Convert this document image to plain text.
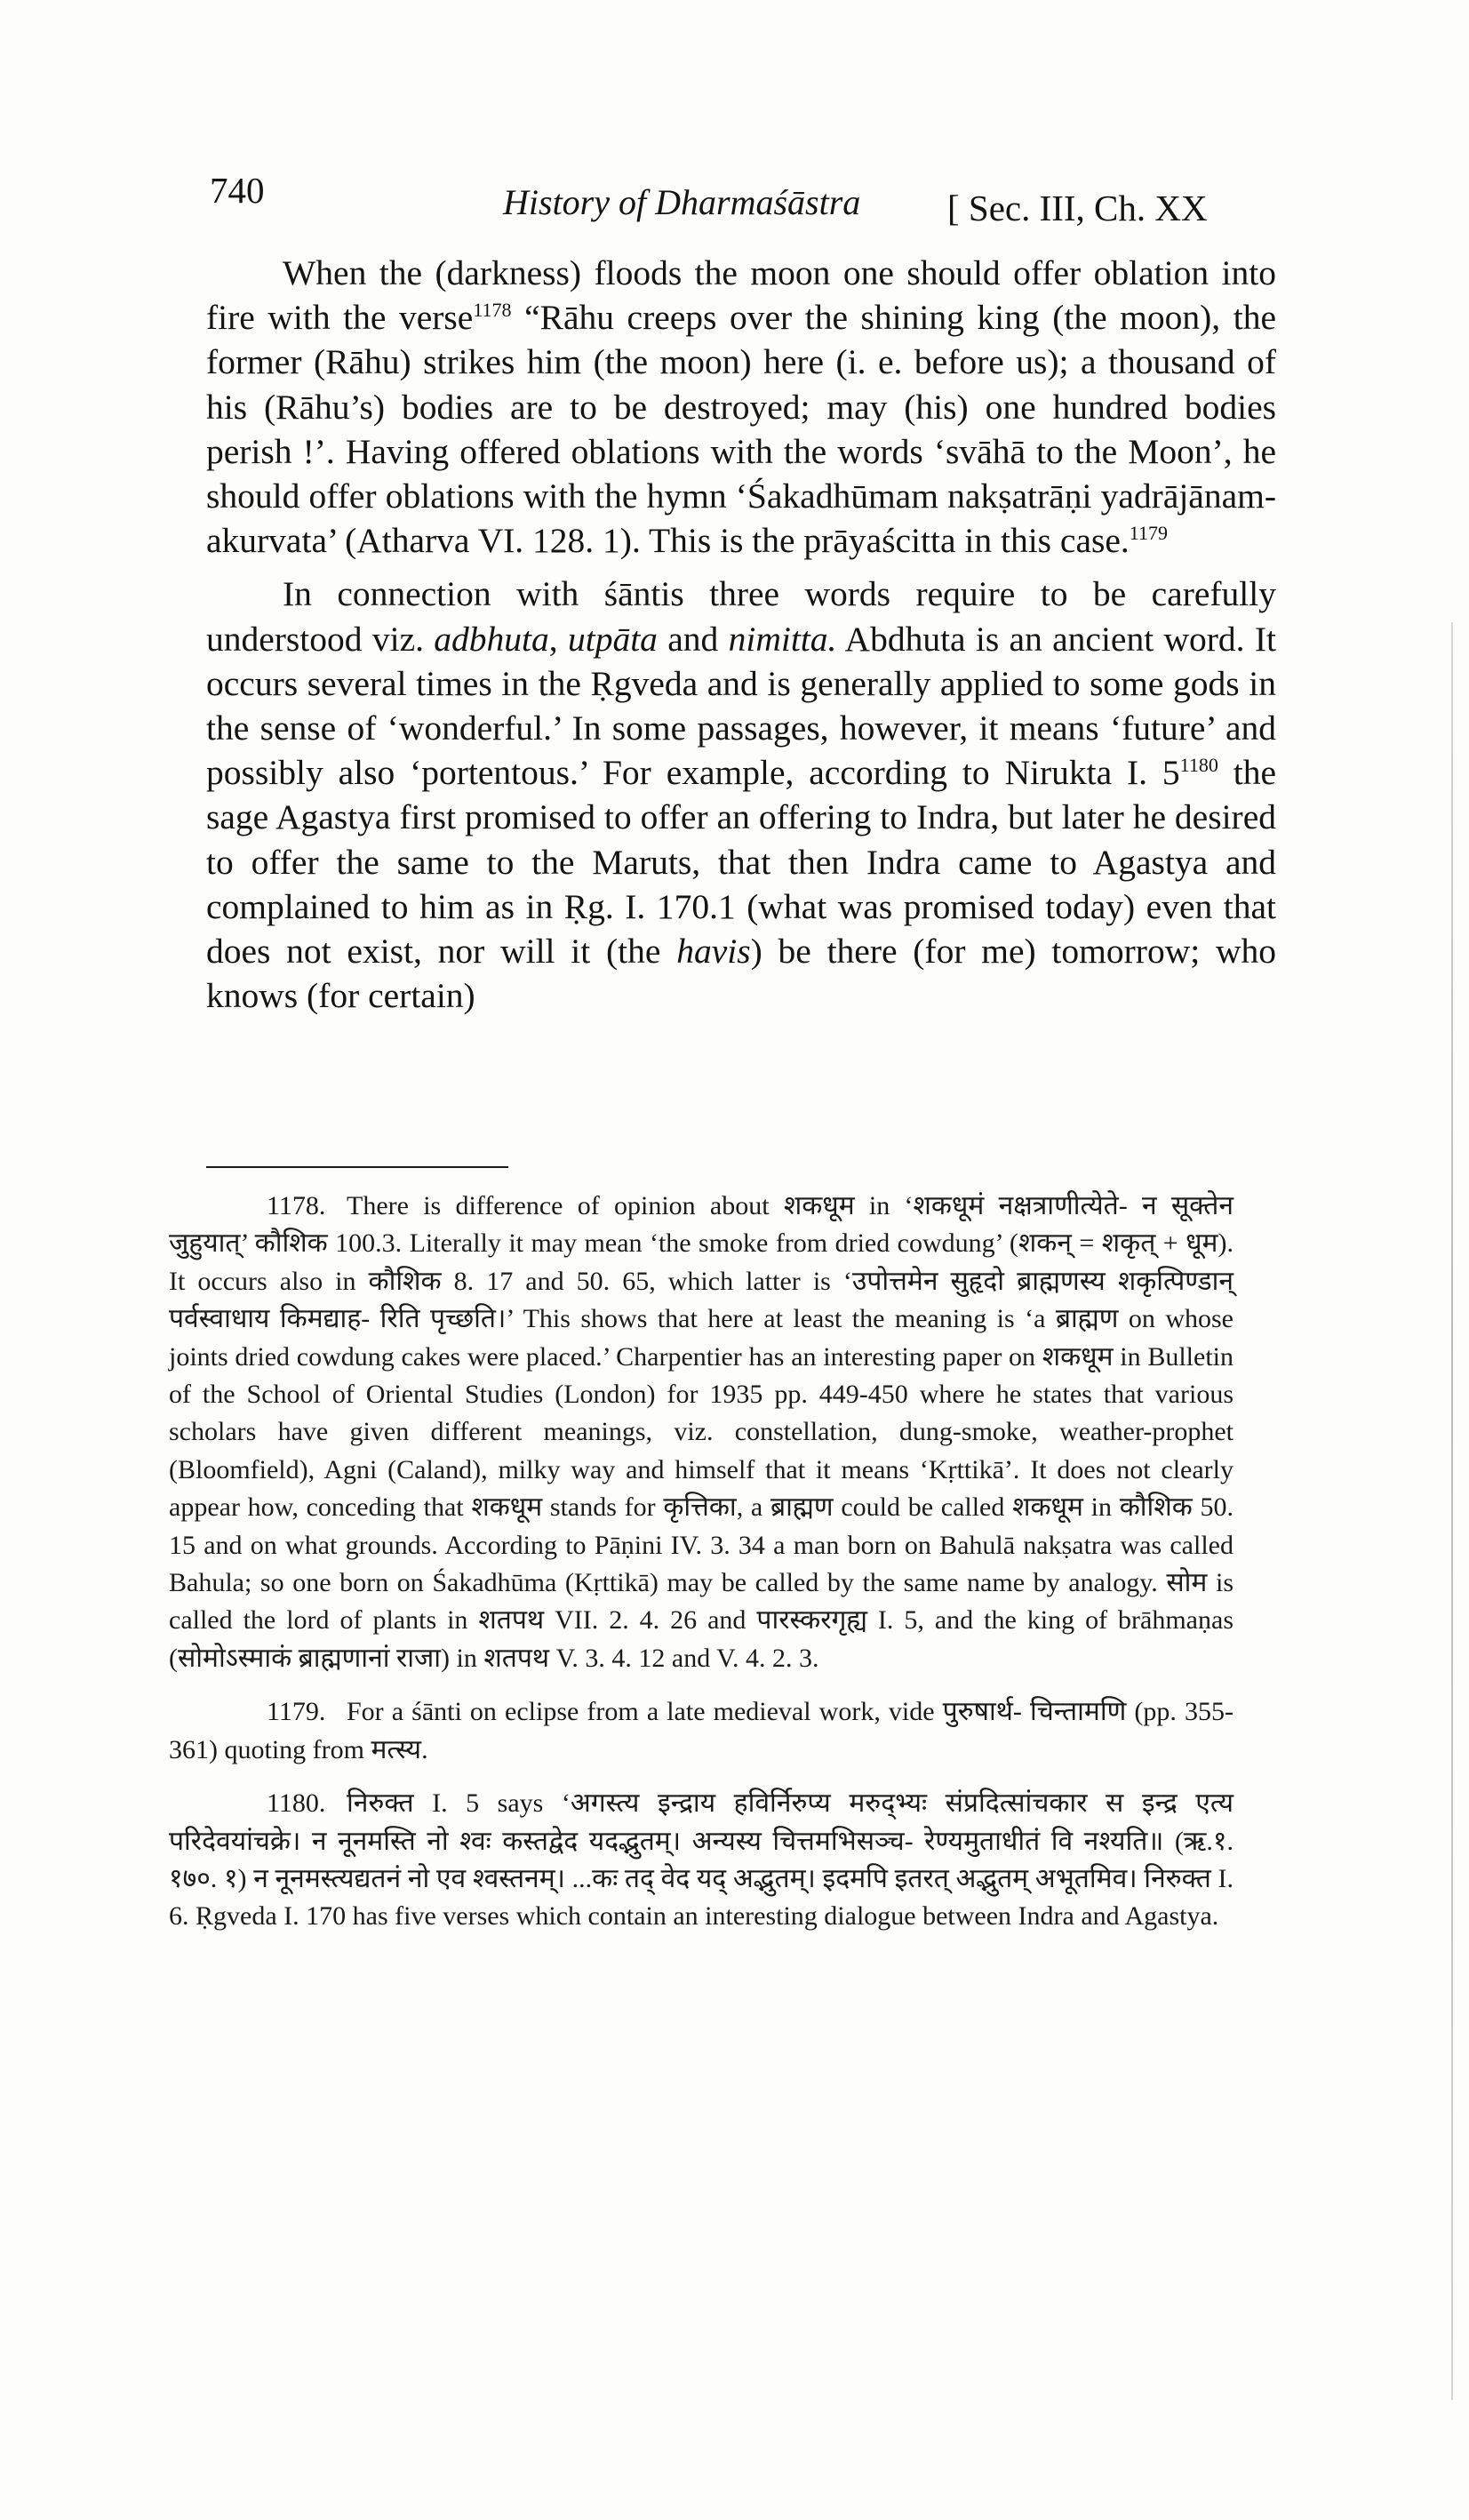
740	History of Dharmaśāstra [ Sec. III, Ch. XX

When the (darkness) floods the moon one should offer oblation into fire with the verse$^{1178}$ “Rāhu creeps over the shining king (the moon), the former (Rāhu) strikes him (the moon) here (i. e. before us); a thousand of his (Rāhu’s) bodies are to be destroyed; may (his) one hundred bodies perish !’. Having offered oblations with the words ‘svāhā to the Moon’, he should offer oblations with the hymn ‘Śakadhūmam nakṣatrāṇi yadrājānam-akurvata’ (Atharva VI. 128. 1). This is the prāyaścitta in this case.$^{1179}$

In connection with śāntis three words require to be carefully understood viz. adbhuta, utpāta and nimitta. Abdhuta is an ancient word. It occurs several times in the Ṛgveda and is generally applied to some gods in the sense of ‘wonderful.’ In some passages, however, it means ‘future’ and possibly also ‘portentous.’ For example, according to Nirukta I. 5$^{1180}$ the sage Agastya first promised to offer an offering to Indra, but later he desired to offer the same to the Maruts, that then Indra came to Agastya and complained to him as in Ṛg. I. 170.1 (what was promised today) even that does not exist, nor will it (the havis) be there (for me) tomorrow; who knows (for certain)

1178. There is difference of opinion about शकधूम in ‘शकधूमं नक्षत्राणीत्येते- न सूक्तेन जुहुयात्’ कौशिक 100.3. Literally it may mean ‘the smoke from dried cowdung’ (शकन् = शकृत् + धूम). It occurs also in कौशिक 8. 17 and 50. 65, which latter is ‘उपोत्तमेन सुहृदो ब्राह्मणस्य शकृत्पिण्डान् पर्वस्वाधाय किमद्याह- रिति पृच्छति।’ This shows that here at least the meaning is ‘a ब्राह्मण on whose joints dried cowdung cakes were placed.’ Charpentier has an interesting paper on शकधूम in Bulletin of the School of Oriental Studies (London) for 1935 pp. 449-450 where he states that various scholars have given different meanings, viz. constellation, dung-smoke, weather-prophet (Bloomfield), Agni (Caland), milky way and himself that it means ‘Kṛttikā’. It does not clearly appear how, conceding that शकधूम stands for कृत्तिका, a ब्राह्मण could be called शकधूम in कौशिक 50. 15 and on what grounds. According to Pāṇini IV. 3. 34 a man born on Bahulā nakṣatra was called Bahula; so one born on Śakadhūma (Kṛttikā) may be called by the same name by analogy. सोम is called the lord of plants in शतपथ VII. 2. 4. 26 and पारस्करगृह्य I. 5, and the king of brāhmaṇas (सोमोऽस्माकं ब्राह्मणानां राजा) in शतपथ V. 3. 4. 12 and V. 4. 2. 3.

1179. For a śānti on eclipse from a late medieval work, vide पुरुषार्थ- चिन्तामणि (pp. 355-361) quoting from मत्स्य.

1180. निरुक्त I. 5 says ‘अगस्त्य इन्द्राय हविर्निरुप्य मरुद्भ्यः संप्रदित्सांचकार स इन्द्र एत्य परिदेवयांचक्रे। न नूनमस्ति नो श्वः कस्तद्वेद यदद्भुतम्। अन्यस्य चित्तमभिसञ्च- रेण्यमुताधीतं वि नश्यति॥ (ऋ.१. १७०. १) न नूनमस्त्यद्यतनं नो एव श्वस्तनम्। ...कः तद् वेद यद् अद्भुतम्। इदमपि इतरत् अद्भुतम् अभूतमिव। निरुक्त I. 6. Ṛgveda I. 170 has five verses which contain an interesting dialogue between Indra and Agastya.
